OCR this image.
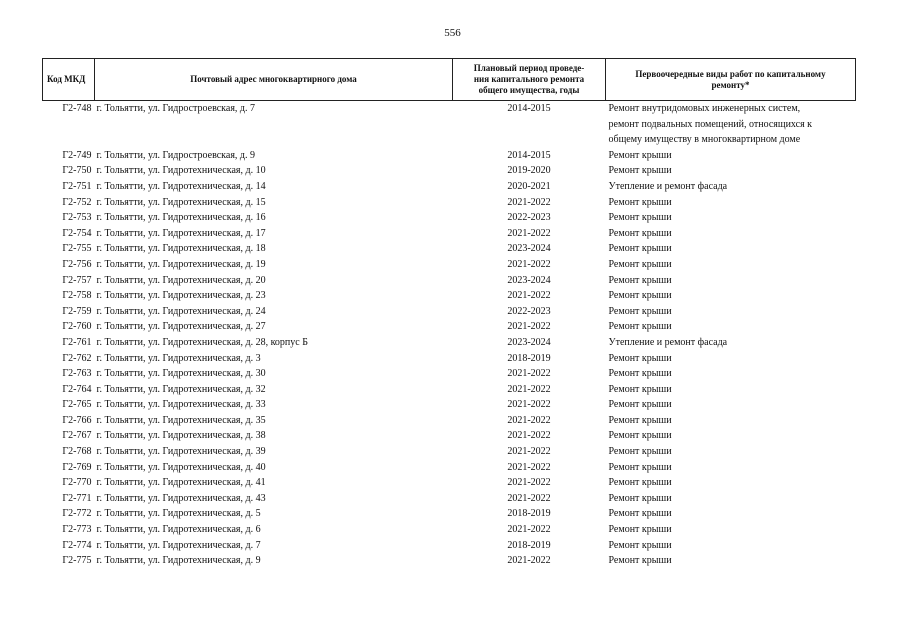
556
Код МКД	Почтовый адрес многоквартирного дома	Плановый период проведе-
ния капитального ремонта
общего имущества, годы	Первоочередные виды работ по капитальному
ремонту*

Г2-748	г. Тольятти, ул. Гидростроевская, д. 7	2014-2015	Ремонт внутридомовых инженерных систем,
ремонт подвальных помещений, относящихся к
общему имуществу в многоквартирном доме

Г2-749	г. Тольятти, ул. Гидростроевская, д. 9	2014-2015	Ремонт крыши

Г2-750	г. Тольятти, ул. Гидротехническая, д. 10	2019-2020	Ремонт крыши

Г2-751	г. Тольятти, ул. Гидротехническая, д. 14	2020-2021	Утепление и ремонт фасада

Г2-752	г. Тольятти, ул. Гидротехническая, д. 15	2021-2022	Ремонт крыши

Г2-753	г. Тольятти, ул. Гидротехническая, д. 16	2022-2023	Ремонт крыши

Г2-754	г. Тольятти, ул. Гидротехническая, д. 17	2021-2022	Ремонт крыши

Г2-755	г. Тольятти, ул. Гидротехническая, д. 18	2023-2024	Ремонт крыши

Г2-756	г. Тольятти, ул. Гидротехническая, д. 19	2021-2022	Ремонт крыши

Г2-757	г. Тольятти, ул. Гидротехническая, д. 20	2023-2024	Ремонт крыши

Г2-758	г. Тольятти, ул. Гидротехническая, д. 23	2021-2022	Ремонт крыши

Г2-759	г. Тольятти, ул. Гидротехническая, д. 24	2022-2023	Ремонт крыши

Г2-760	г. Тольятти, ул. Гидротехническая, д. 27	2021-2022	Ремонт крыши

Г2-761	г. Тольятти, ул. Гидротехническая, д. 28, корпус Б	2023-2024	Утепление и ремонт фасада

Г2-762	г. Тольятти, ул. Гидротехническая, д. 3	2018-2019	Ремонт крыши

Г2-763	г. Тольятти, ул. Гидротехническая, д. 30	2021-2022	Ремонт крыши

Г2-764	г. Тольятти, ул. Гидротехническая, д. 32	2021-2022	Ремонт крыши

Г2-765	г. Тольятти, ул. Гидротехническая, д. 33	2021-2022	Ремонт крыши

Г2-766	г. Тольятти, ул. Гидротехническая, д. 35	2021-2022	Ремонт крыши

Г2-767	г. Тольятти, ул. Гидротехническая, д. 38	2021-2022	Ремонт крыши

Г2-768	г. Тольятти, ул. Гидротехническая, д. 39	2021-2022	Ремонт крыши

Г2-769	г. Тольятти, ул. Гидротехническая, д. 40	2021-2022	Ремонт крыши

Г2-770	г. Тольятти, ул. Гидротехническая, д. 41	2021-2022	Ремонт крыши

Г2-771	г. Тольятти, ул. Гидротехническая, д. 43	2021-2022	Ремонт крыши

Г2-772	г. Тольятти, ул. Гидротехническая, д. 5	2018-2019	Ремонт крыши

Г2-773	г. Тольятти, ул. Гидротехническая, д. 6	2021-2022	Ремонт крыши

Г2-774	г. Тольятти, ул. Гидротехническая, д. 7	2018-2019	Ремонт крыши

Г2-775	г. Тольятти, ул. Гидротехническая, д. 9	2021-2022	Ремонт крыши
